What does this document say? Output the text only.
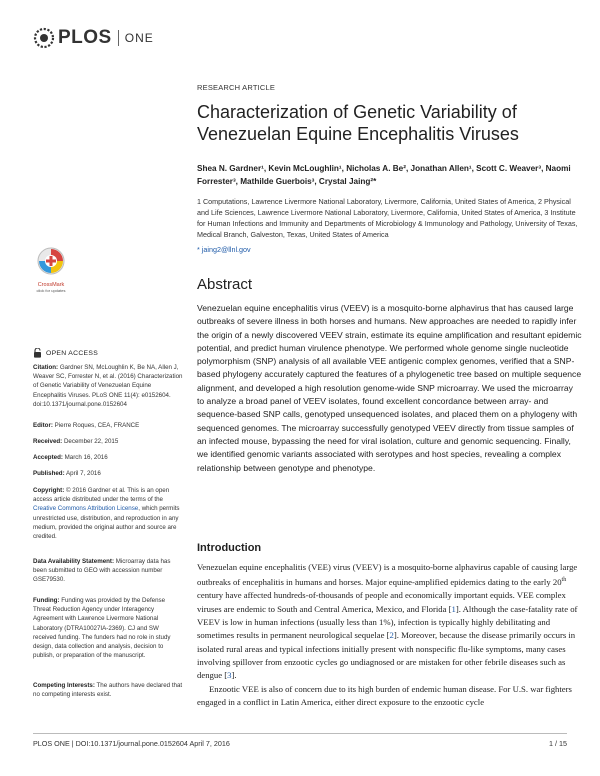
PLOS ONE
RESEARCH ARTICLE
Characterization of Genetic Variability of Venezuelan Equine Encephalitis Viruses
Shea N. Gardner¹, Kevin McLoughlin¹, Nicholas A. Be², Jonathan Allen¹, Scott C. Weaver³, Naomi Forrester³, Mathilde Guerbois³, Crystal Jaing²*
1 Computations, Lawrence Livermore National Laboratory, Livermore, California, United States of America, 2 Physical and Life Sciences, Lawrence Livermore National Laboratory, Livermore, California, United States of America, 3 Institute for Human Infections and Immunity and Departments of Microbiology & Immunology and Pathology, University of Texas, Medical Branch, Galveston, Texas, United States of America
* jaing2@llnl.gov
Abstract
Venezuelan equine encephalitis virus (VEEV) is a mosquito-borne alphavirus that has caused large outbreaks of severe illness in both horses and humans. New approaches are needed to rapidly infer the origin of a newly discovered VEEV strain, estimate its equine amplification and resultant epidemic potential, and predict human virulence phenotype. We performed whole genome single nucleotide polymorphism (SNP) analysis of all available VEE antigenic complex genomes, verified that a SNP-based phylogeny accurately captured the features of a phylogenetic tree based on multiple sequence alignment, and developed a high resolution genome-wide SNP microarray. We used the microarray to analyze a broad panel of VEEV isolates, found excellent concordance between array- and sequence-based SNP calls, genotyped unsequenced isolates, and placed them on a phylogeny with sequenced genomes. The microarray successfully genotyped VEEV directly from tissue samples of an infected mouse, bypassing the need for viral isolation, culture and genomic sequencing. Finally, we identified genomic variants associated with serotypes and host species, revealing a complex relationship between genotype and phenotype.
CrossMark
click for updates
OPEN ACCESS
Citation: Gardner SN, McLoughlin K, Be NA, Allen J, Weaver SC, Forrester N, et al. (2016) Characterization of Genetic Variability of Venezuelan Equine Encephalitis Viruses. PLoS ONE 11(4): e0152604. doi:10.1371/journal.pone.0152604
Editor: Pierre Roques, CEA, FRANCE
Received: December 22, 2015
Accepted: March 16, 2016
Published: April 7, 2016
Copyright: © 2016 Gardner et al. This is an open access article distributed under the terms of the Creative Commons Attribution License, which permits unrestricted use, distribution, and reproduction in any medium, provided the original author and source are credited.
Data Availability Statement: Microarray data has been submitted to GEO with accession number GSE79530.
Funding: Funding was provided by the Defense Threat Reduction Agency under Interagency Agreement with Lawrence Livermore National Laboratory (DTRA10027IA-2369). CJ and SW received funding. The funders had no role in study design, data collection and analysis, decision to publish, or preparation of the manuscript.
Competing Interests: The authors have declared that no competing interests exist.
Introduction

Venezuelan equine encephalitis (VEE) virus (VEEV) is a mosquito-borne alphavirus capable of causing large outbreaks of encephalitis in humans and horses. Major equine-amplified epidemics dating to the early 20th century have affected hundreds-of-thousands of people and economically important equids. VEE complex viruses are endemic to South and Central America, Mexico, and Florida [1]. Although the case-fatality rate of VEEV is low in human infections (usually less than 1%), infection is typically highly debilitating and sometimes results in permanent neurological sequelae [2]. Moreover, because the disease primarily occurs in isolated rural areas and typical infections initially present with nonspecific flu-like symptoms, many cases involving spillover from enzootic cycles go undiagnosed or are mistaken for other febrile diseases such as dengue [3].

Enzootic VEE is also of concern due to its high burden of endemic human disease. For U.S. war fighters engaged in a conflict in Latin America, either direct exposure to the enzootic cycle

PLOS ONE | DOI:10.1371/journal.pone.0152604 April 7, 2016	1 / 15
